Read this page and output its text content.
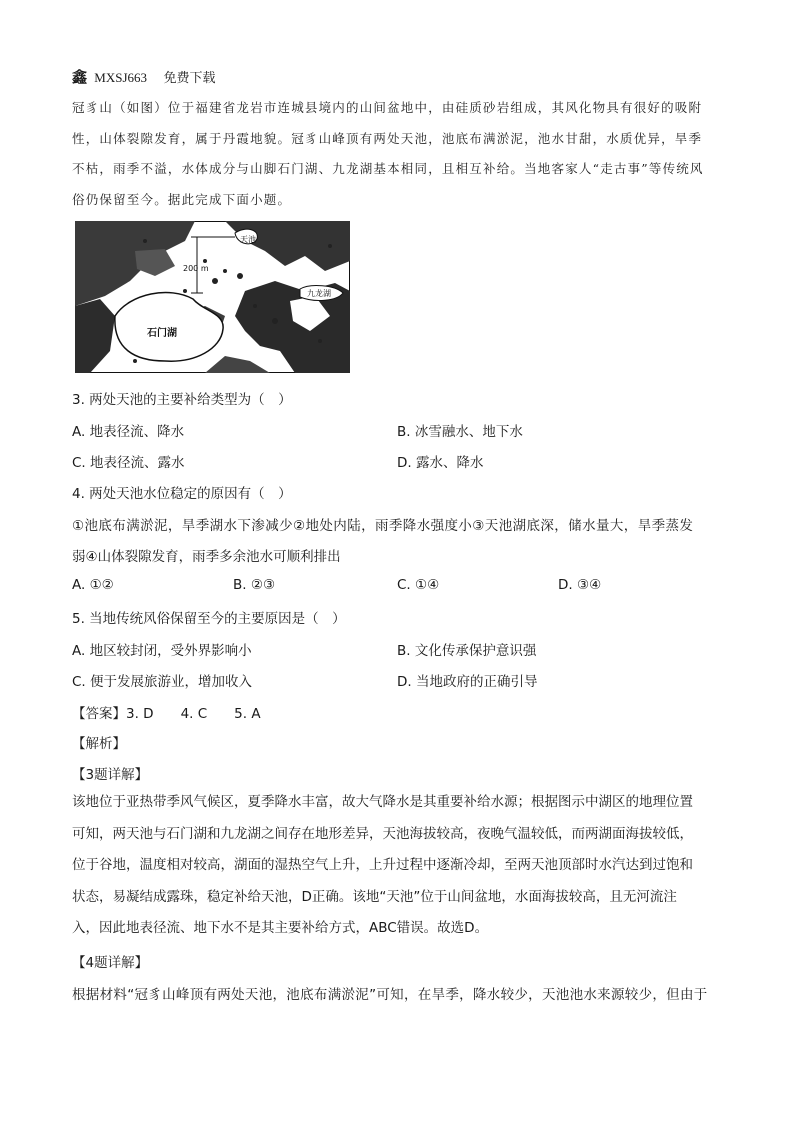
鑫 MXSJ663 免费下载
冠豸山（如图）位于福建省龙岩市连城县境内的山间盆地中，由硅质砂岩组成，其风化物具有很好的吸附
性，山体裂隙发育，属于丹霞地貌。冠豸山峰顶有两处天池，池底布满淤泥，池水甘甜，水质优异，旱季
不枯，雨季不溢，水体成分与山脚石门湖、九龙湖基本相同，且相互补给。当地客家人“走古事”等传统风
俗仍保留至今。据此完成下面小题。
天池
200 m
九龙湖
石门湖
3. 两处天池的主要补给类型为（　）
A. 地表径流、降水	B. 冰雪融水、地下水
C. 地表径流、露水	D. 露水、降水
4. 两处天池水位稳定的原因有（　）
①池底布满淤泥，旱季湖水下渗减少②地处内陆，雨季降水强度小③天池湖底深，储水量大，旱季蒸发
弱④山体裂隙发育，雨季多余池水可顺利排出
A. ①②	B. ②③	C. ①④	D. ③④
5. 当地传统风俗保留至今的主要原因是（　）
A. 地区较封闭，受外界影响小	B. 文化传承保护意识强
C. 便于发展旅游业，增加收入	D. 当地政府的正确引导
【答案】3. D　　4. C　　5. A
【解析】
【3题详解】
该地位于亚热带季风气候区，夏季降水丰富，故大气降水是其重要补给水源；根据图示中湖区的地理位置
可知，两天池与石门湖和九龙湖之间存在地形差异，天池海拔较高，夜晚气温较低，而两湖面海拔较低，
位于谷地，温度相对较高，湖面的湿热空气上升，上升过程中逐渐冷却，至两天池顶部时水汽达到过饱和
状态，易凝结成露珠，稳定补给天池，D正确。该地“天池”位于山间盆地，水面海拔较高，且无河流注
入，因此地表径流、地下水不是其主要补给方式，ABC错误。故选D。
【4题详解】
根据材料“冠豸山峰顶有两处天池，池底布满淤泥”可知，在旱季，降水较少，天池池水来源较少，但由于
